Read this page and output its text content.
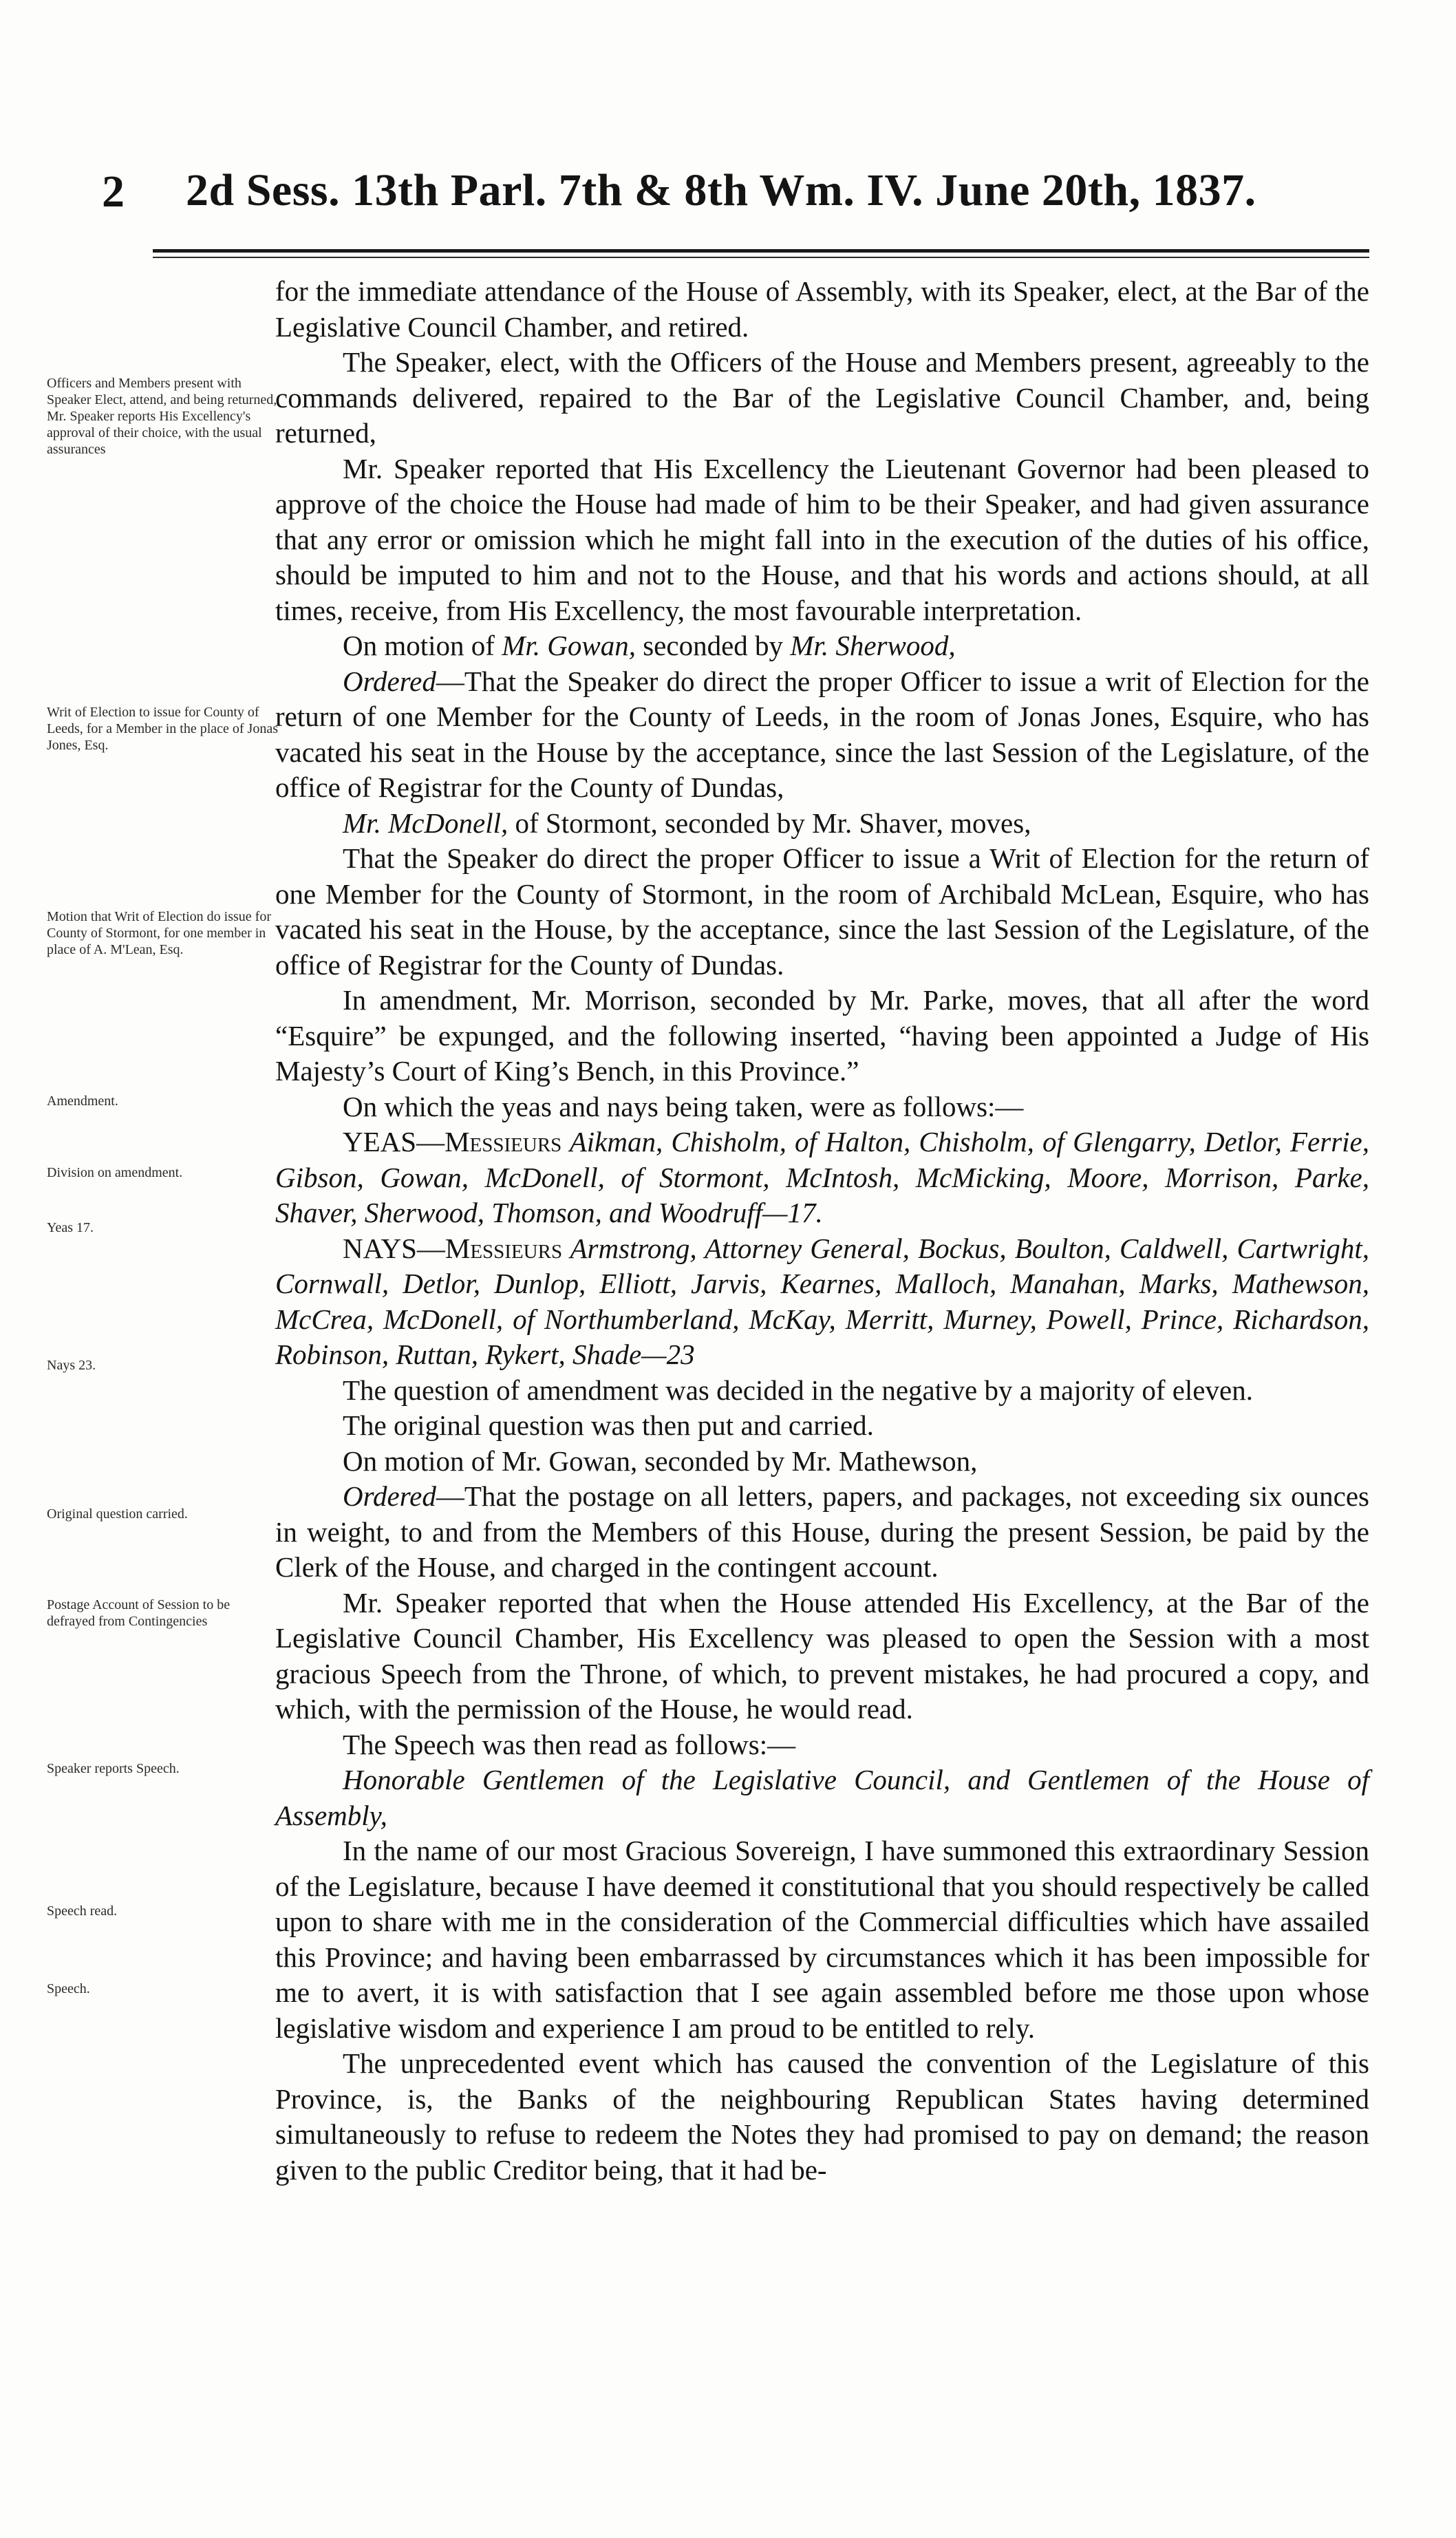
2 2d Sess. 13th Parl. 7th & 8th Wm. IV. June 20th, 1837.
Officers and Members present with Speaker Elect, attend, and being returned, Mr. Speaker reports His Excellency's approval of their choice, with the usual assurances
Writ of Election to issue for County of Leeds, for a Member in the place of Jonas Jones, Esq.
Motion that Writ of Election do issue for County of Stormont, for one member in place of A. M'Lean, Esq.
Amendment.
Division on amendment.
Yeas 17.
Nays 23.
Original question carried.
Postage Account of Session to be defrayed from Contingencies
Speaker reports Speech.
Speech read.
Speech.

for the immediate attendance of the House of Assembly, with its Speaker, elect, at the Bar of the Legislative Council Chamber, and retired.

The Speaker, elect, with the Officers of the House and Members present, agreeably to the commands delivered, repaired to the Bar of the Legislative Council Chamber, and, being returned,

Mr. Speaker reported that His Excellency the Lieutenant Governor had been pleased to approve of the choice the House had made of him to be their Speaker, and had given assurance that any error or omission which he might fall into in the execution of the duties of his office, should be imputed to him and not to the House, and that his words and actions should, at all times, receive, from His Excellency, the most favourable interpretation.

On motion of Mr. Gowan, seconded by Mr. Sherwood,

Ordered—That the Speaker do direct the proper Officer to issue a writ of Election for the return of one Member for the County of Leeds, in the room of Jonas Jones, Esquire, who has vacated his seat in the House by the acceptance, since the last Session of the Legislature, of the office of Registrar for the County of Dundas,

Mr. McDonell, of Stormont, seconded by Mr. Shaver, moves,

That the Speaker do direct the proper Officer to issue a Writ of Election for the return of one Member for the County of Stormont, in the room of Archibald McLean, Esquire, who has vacated his seat in the House, by the acceptance, since the last Session of the Legislature, of the office of Registrar for the County of Dundas.

In amendment, Mr. Morrison, seconded by Mr. Parke, moves, that all after the word “Esquire” be expunged, and the following inserted, “having been appointed a Judge of His Majesty’s Court of King’s Bench, in this Province.”

On which the yeas and nays being taken, were as follows:—

YEAS—Messieurs Aikman, Chisholm, of Halton, Chisholm, of Glengarry, Detlor, Ferrie, Gibson, Gowan, McDonell, of Stormont, McIntosh, McMicking, Moore, Morrison, Parke, Shaver, Sherwood, Thomson, and Woodruff—17.

NAYS—Messieurs Armstrong, Attorney General, Bockus, Boulton, Caldwell, Cartwright, Cornwall, Detlor, Dunlop, Elliott, Jarvis, Kearnes, Malloch, Manahan, Marks, Mathewson, McCrea, McDonell, of Northumberland, McKay, Merritt, Murney, Powell, Prince, Richardson, Robinson, Ruttan, Rykert, Shade—23

The question of amendment was decided in the negative by a majority of eleven.

The original question was then put and carried.

On motion of Mr. Gowan, seconded by Mr. Mathewson,

Ordered—That the postage on all letters, papers, and packages, not exceeding six ounces in weight, to and from the Members of this House, during the present Session, be paid by the Clerk of the House, and charged in the contingent account.

Mr. Speaker reported that when the House attended His Excellency, at the Bar of the Legislative Council Chamber, His Excellency was pleased to open the Session with a most gracious Speech from the Throne, of which, to prevent mistakes, he had procured a copy, and which, with the permission of the House, he would read.

The Speech was then read as follows:—

Honorable Gentlemen of the Legislative Council, and Gentlemen of the House of Assembly,

In the name of our most Gracious Sovereign, I have summoned this extraordinary Session of the Legislature, because I have deemed it constitutional that you should respectively be called upon to share with me in the consideration of the Commercial difficulties which have assailed this Province; and having been embarrassed by circumstances which it has been impossible for me to avert, it is with satisfaction that I see again assembled before me those upon whose legislative wisdom and experience I am proud to be entitled to rely.

The unprecedented event which has caused the convention of the Legislature of this Province, is, the Banks of the neighbouring Republican States having determined simultaneously to refuse to redeem the Notes they had promised to pay on demand; the reason given to the public Creditor being, that it had be-
